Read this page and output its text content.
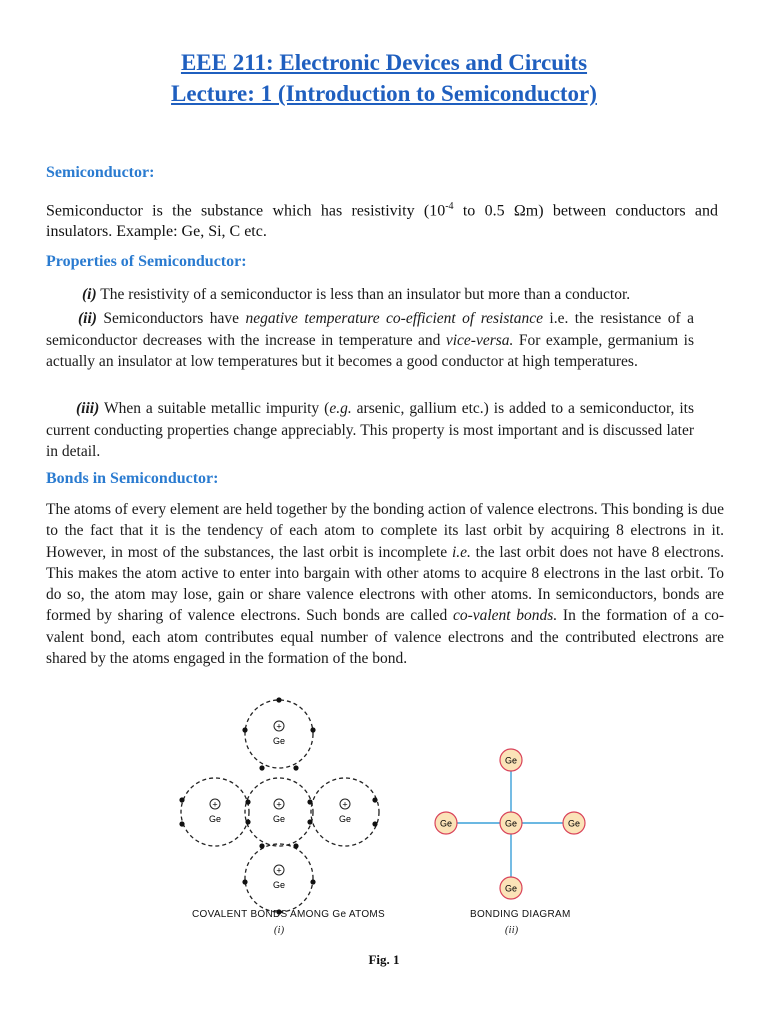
EEE 211: Electronic Devices and Circuits
Lecture: 1 (Introduction to Semiconductor)
Semiconductor:
Semiconductor is the substance which has resistivity ($10^{-4}$ to 0.5 Ωm) between conductors and insulators. Example: Ge, Si, C etc.
Properties of Semiconductor:
(i) The resistivity of a semiconductor is less than an insulator but more than a conductor.
(ii) Semiconductors have negative temperature co-efficient of resistance i.e. the resistance of a semiconductor decreases with the increase in temperature and vice-versa. For example, germanium is actually an insulator at low temperatures but it becomes a good conductor at high temperatures.
(iii) When a suitable metallic impurity (e.g. arsenic, gallium etc.) is added to a semiconductor, its current conducting properties change appreciably. This property is most important and is discussed later in detail.
Bonds in Semiconductor:
The atoms of every element are held together by the bonding action of valence electrons. This bonding is due to the fact that it is the tendency of each atom to complete its last orbit by acquiring 8 electrons in it. However, in most of the substances, the last orbit is incomplete i.e. the last orbit does not have 8 electrons. This makes the atom active to enter into bargain with other atoms to acquire 8 electrons in the last orbit. To do so, the atom may lose, gain or share valence electrons with other atoms. In semiconductors, bonds are formed by sharing of valence electrons. Such bonds are called co-valent bonds. In the formation of a co-valent bond, each atom contributes equal number of valence electrons and the contributed electrons are shared by the atoms engaged in the formation of the bond.
+
Ge
+
Ge
+
Ge
+
Ge
+
Ge
Ge
Ge	Ge	Ge
Ge
COVALENT BONDS AMONG Ge ATOMS
(i)
BONDING DIAGRAM
(ii)
Fig. 1
